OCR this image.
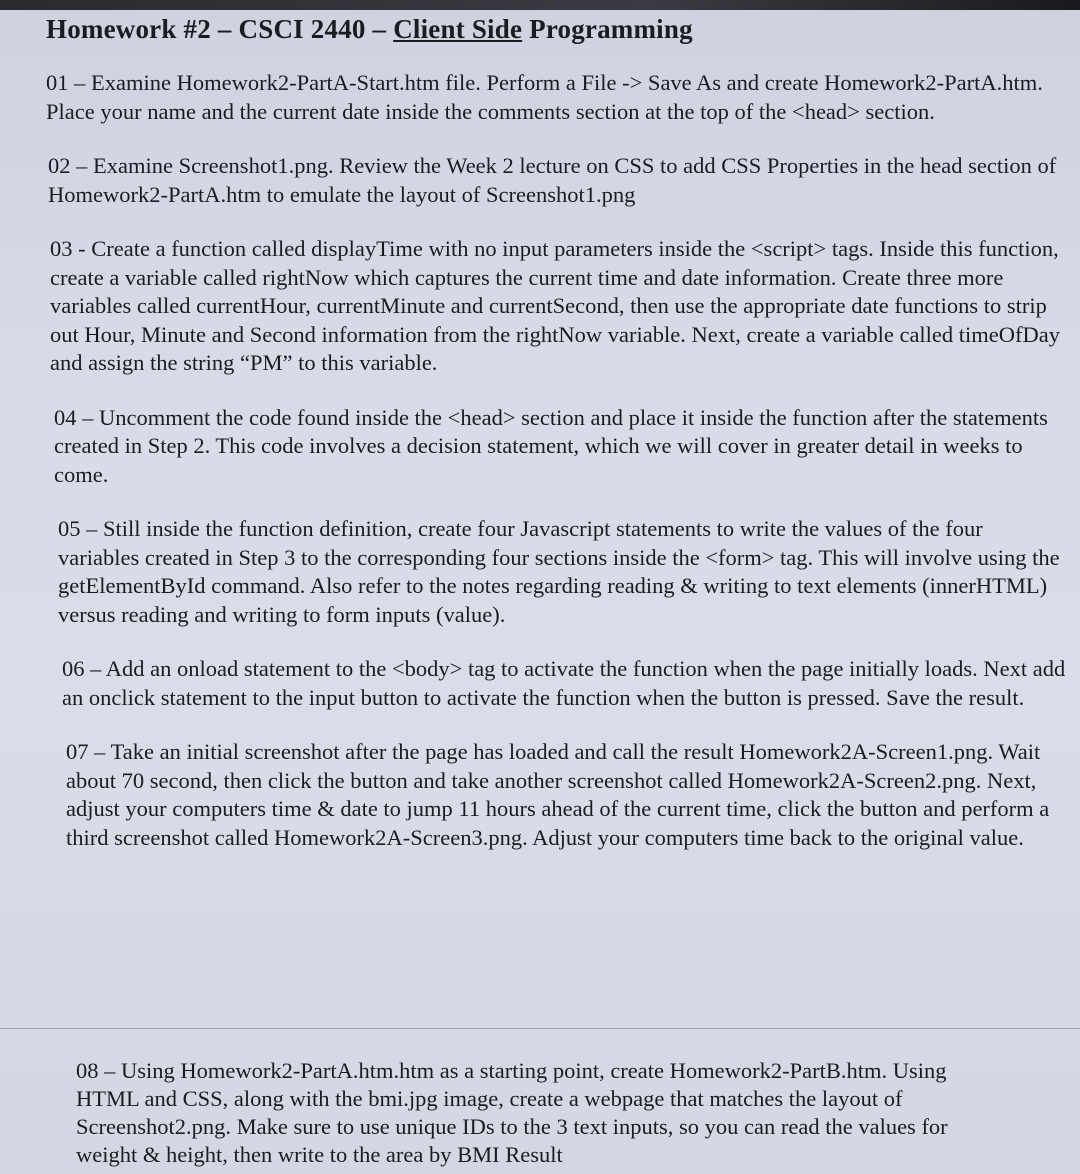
Homework #2 – CSCI 2440 – Client Side Programming

01 – Examine Homework2-PartA-Start.htm file. Perform a File -> Save As and create Homework2-PartA.htm. Place your name and the current date inside the comments section at the top of the <head> section.

02 – Examine Screenshot1.png. Review the Week 2 lecture on CSS to add CSS Properties in the head section of Homework2-PartA.htm to emulate the layout of Screenshot1.png

03 - Create a function called displayTime with no input parameters inside the <script> tags. Inside this function, create a variable called rightNow which captures the current time and date information. Create three more variables called currentHour, currentMinute and currentSecond, then use the appropriate date functions to strip out Hour, Minute and Second information from the rightNow variable. Next, create a variable called timeOfDay and assign the string “PM” to this variable.

04 – Uncomment the code found inside the <head> section and place it inside the function after the statements created in Step 2. This code involves a decision statement, which we will cover in greater detail in weeks to come.

05 – Still inside the function definition, create four Javascript statements to write the values of the four variables created in Step 3 to the corresponding four sections inside the <form> tag. This will involve using the getElementById command. Also refer to the notes regarding reading & writing to text elements (innerHTML) versus reading and writing to form inputs (value).

06 – Add an onload statement to the <body> tag to activate the function when the page initially loads. Next add an onclick statement to the input button to activate the function when the button is pressed. Save the result.

07 – Take an initial screenshot after the page has loaded and call the result Homework2A-Screen1.png. Wait about 70 second, then click the button and take another screenshot called Homework2A-Screen2.png. Next, adjust your computers time & date to jump 11 hours ahead of the current time, click the button and perform a third screenshot called Homework2A-Screen3.png. Adjust your computers time back to the original value.

08 – Using Homework2-PartA.htm.htm as a starting point, create Homework2-PartB.htm. Using HTML and CSS, along with the bmi.jpg image, create a webpage that matches the layout of Screenshot2.png. Make sure to use unique IDs to the 3 text inputs, so you can read the values for weight & height, then write to the area by BMI Result
